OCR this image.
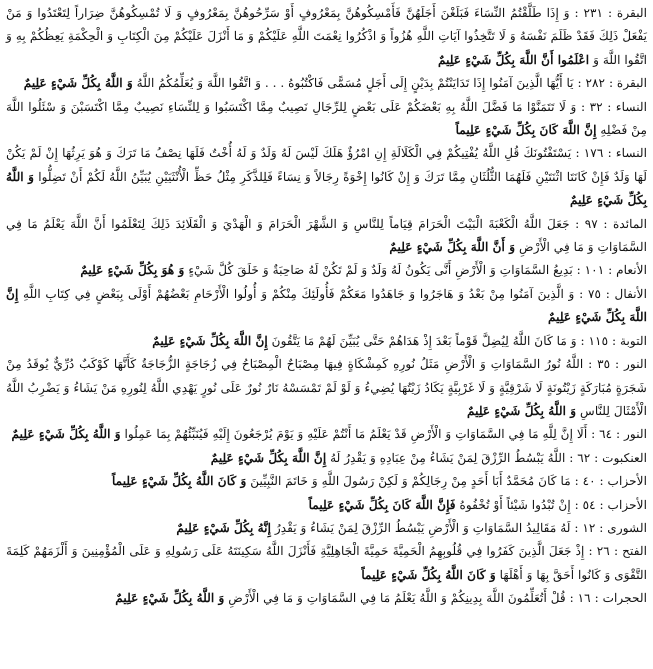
البقرة : ٢٣١ : وَ إِذَا طَلَّقْتُمُ النِّسَاءَ فَبَلَغْنَ أَجَلَهُنَّ فَأَمْسِكُوهُنَّ بِمَعْرُوفٍ أَوْ سَرِّحُوهُنَّ بِمَعْرُوفٍ وَ لَا تُمْسِكُوهُنَّ ضِرَاراً لِتَعْتَدُوا وَ مَنْ يَفْعَلْ ذَلِكَ فَقَدْ ظَلَمَ نَفْسَهُ وَ لَا تَتَّخِذُوا آيَاتِ اللَّهِ هُزُواً وَ اذْكُرُوا نِعْمَتَ اللَّهِ عَلَيْكُمْ وَ مَا أَنْزَلَ عَلَيْكُمْ مِنَ الْكِتَابِ وَ الْحِكْمَةِ يَعِظُكُمْ بِهِ وَ اتَّقُوا اللَّهَ وَ اعْلَمُوا أَنَّ اللَّهَ بِكُلِّ شَيْءٍ عَلِيمٌ

البقرة : ٢٨٢ : يَا أَيُّهَا الَّذِينَ آمَنُوا إِذَا تَدَايَنْتُمْ بِدَيْنٍ إِلَى أَجَلٍ مُسَمًّى فَاكْتُبُوهُ . . . وَ اتَّقُوا اللَّهَ وَ يُعَلِّمُكُمُ اللَّهُ وَ اللَّهُ بِكُلِّ شَيْءٍ عَلِيمٌ

النساء : ٣٢ : وَ لَا تَتَمَنَّوْا مَا فَضَّلَ اللَّهُ بِهِ بَعْضَكُمْ عَلَى بَعْضٍ لِلرِّجَالِ نَصِيبٌ مِمَّا اكْتَسَبُوا وَ لِلنِّسَاءِ نَصِيبٌ مِمَّا اكْتَسَبْنَ وَ سْئَلُوا اللَّهَ مِنْ فَضْلِهِ إِنَّ اللَّهَ كَانَ بِكُلِّ شَيْءٍ عَلِيماً

النساء : ١٧٦ : يَسْتَفْتُونَكَ قُلِ اللَّهُ يُفْتِيكُمْ فِي الْكَلَالَةِ إِنِ امْرُؤٌ هَلَكَ لَيْسَ لَهُ وَلَدٌ وَ لَهُ أُخْتٌ فَلَهَا نِصْفُ مَا تَرَكَ وَ هُوَ يَرِثُهَا إِنْ لَمْ يَكُنْ لَهَا وَلَدٌ فَإِنْ كَانَتَا اثْنَتَيْنِ فَلَهُمَا الثُّلُثَانِ مِمَّا تَرَكَ وَ إِنْ كَانُوا إِخْوَةً رِجَالاً وَ نِسَاءً فَلِلذَّكَرِ مِثْلُ حَظِّ الْأُنْثَيَيْنِ يُبَيِّنُ اللَّهُ لَكُمْ أَنْ تَضِلُّوا وَ اللَّهُ بِكُلِّ شَيْءٍ عَلِيمٌ

المائدة : ٩٧ : جَعَلَ اللَّهُ الْكَعْبَةَ الْبَيْتَ الْحَرَامَ قِيَاماً لِلنَّاسِ وَ الشَّهْرَ الْحَرَامَ وَ الْهَدْيَ وَ الْقَلَائِدَ ذَلِكَ لِتَعْلَمُوا أَنَّ اللَّهَ يَعْلَمُ مَا فِي السَّمَاوَاتِ وَ مَا فِي الْأَرْضِ وَ أَنَّ اللَّهَ بِكُلِّ شَيْءٍ عَلِيمٌ

الأنعام : ١٠١ : بَدِيعُ السَّمَاوَاتِ وَ الْأَرْضِ أَنَّى يَكُونُ لَهُ وَلَدٌ وَ لَمْ تَكُنْ لَهُ صَاحِبَةٌ وَ خَلَقَ كُلَّ شَيْءٍ وَ هُوَ بِكُلِّ شَيْءٍ عَلِيمٌ

الأنفال : ٧٥ : وَ الَّذِينَ آمَنُوا مِنْ بَعْدُ وَ هَاجَرُوا وَ جَاهَدُوا مَعَكُمْ فَأُولَئِكَ مِنْكُمْ وَ أُولُوا الْأَرْحَامِ بَعْضُهُمْ أَوْلَى بِبَعْضٍ فِي كِتَابِ اللَّهِ إِنَّ اللَّهَ بِكُلِّ شَيْءٍ عَلِيمٌ

التوبة : ١١٥ : وَ مَا كَانَ اللَّهُ لِيُضِلَّ قَوْماً بَعْدَ إِذْ هَدَاهُمْ حَتَّى يُبَيِّنَ لَهُمْ مَا يَتَّقُونَ إِنَّ اللَّهَ بِكُلِّ شَيْءٍ عَلِيمٌ

النور : ٣٥ : اللَّهُ نُورُ السَّمَاوَاتِ وَ الْأَرْضِ مَثَلُ نُورِهِ كَمِشْكَاةٍ فِيهَا مِصْبَاحٌ الْمِصْبَاحُ فِي زُجَاجَةٍ الزُّجَاجَةُ كَأَنَّهَا كَوْكَبٌ دُرِّيٌّ يُوقَدُ مِنْ شَجَرَةٍ مُبَارَكَةٍ زَيْتُونَةٍ لَا شَرْقِيَّةٍ وَ لَا غَرْبِيَّةٍ يَكَادُ زَيْتُهَا يُضِيءُ وَ لَوْ لَمْ تَمْسَسْهُ نَارٌ نُورٌ عَلَى نُورٍ يَهْدِي اللَّهُ لِنُورِهِ مَنْ يَشَاءُ وَ يَضْرِبُ اللَّهُ الْأَمْثَالَ لِلنَّاسِ وَ اللَّهُ بِكُلِّ شَيْءٍ عَلِيمٌ

النور : ٦٤ : أَلَا إِنَّ لِلَّهِ مَا فِي السَّمَاوَاتِ وَ الْأَرْضِ قَدْ يَعْلَمُ مَا أَنْتُمْ عَلَيْهِ وَ يَوْمَ يُرْجَعُونَ إِلَيْهِ فَيُنَبِّئُهُمْ بِمَا عَمِلُوا وَ اللَّهُ بِكُلِّ شَيْءٍ عَلِيمٌ

العنكبوت : ٦٢ : اللَّهُ يَبْسُطُ الرِّزْقَ لِمَنْ يَشَاءُ مِنْ عِبَادِهِ وَ يَقْدِرُ لَهُ إِنَّ اللَّهَ بِكُلِّ شَيْءٍ عَلِيمٌ

الأحزاب : ٤٠ : مَا كَانَ مُحَمَّدٌ أَبَا أَحَدٍ مِنْ رِجَالِكُمْ وَ لَكِنْ رَسُولَ اللَّهِ وَ خَاتَمَ النَّبِيِّينَ وَ كَانَ اللَّهُ بِكُلِّ شَيْءٍ عَلِيماً

الأحزاب : ٥٤ : إِنْ تُبْدُوا شَيْئاً أَوْ تُخْفُوهُ فَإِنَّ اللَّهَ كَانَ بِكُلِّ شَيْءٍ عَلِيماً

الشورى : ١٢ : لَهُ مَقَالِيدُ السَّمَاوَاتِ وَ الْأَرْضِ يَبْسُطُ الرِّزْقَ لِمَنْ يَشَاءُ وَ يَقْدِرُ إِنَّهُ بِكُلِّ شَيْءٍ عَلِيمٌ

الفتح : ٢٦ : إِذْ جَعَلَ الَّذِينَ كَفَرُوا فِي قُلُوبِهِمُ الْحَمِيَّةَ حَمِيَّةَ الْجَاهِلِيَّةِ فَأَنْزَلَ اللَّهُ سَكِينَتَهُ عَلَى رَسُولِهِ وَ عَلَى الْمُؤْمِنِينَ وَ أَلْزَمَهُمْ كَلِمَةَ التَّقْوَى وَ كَانُوا أَحَقَّ بِهَا وَ أَهْلَهَا وَ كَانَ اللَّهُ بِكُلِّ شَيْءٍ عَلِيماً

الحجرات : ١٦ : قُلْ أَتُعَلِّمُونَ اللَّهَ بِدِينِكُمْ وَ اللَّهُ يَعْلَمُ مَا فِي السَّمَاوَاتِ وَ مَا فِي الْأَرْضِ وَ اللَّهُ بِكُلِّ شَيْءٍ عَلِيمٌ
